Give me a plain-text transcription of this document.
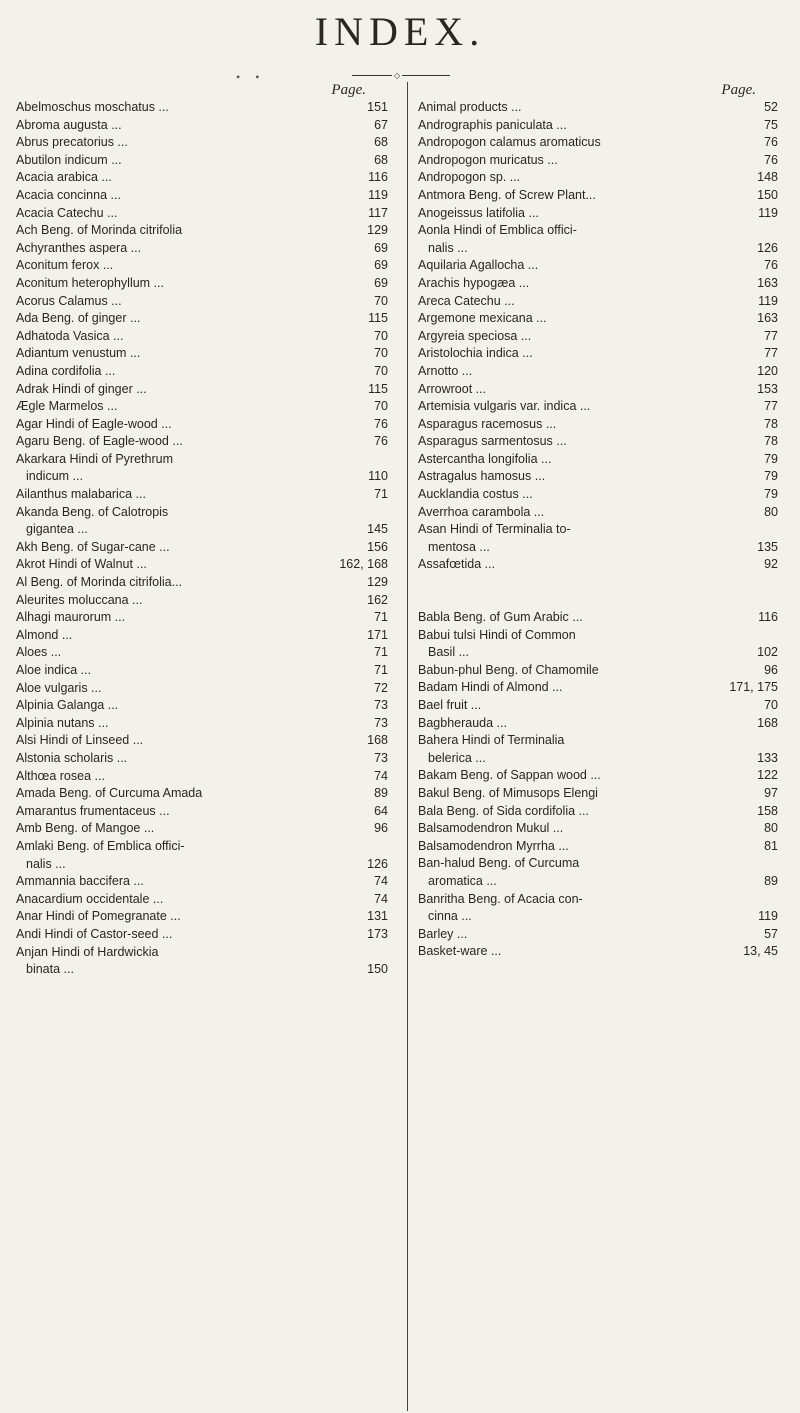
INDEX.
• •	◇
Page.
Abelmoschus moschatus ...	151
Abroma augusta ...	67
Abrus precatorius ...	68
Abutilon indicum ...	68
Acacia arabica ...	116
Acacia concinna ...	119
Acacia Catechu ...	117
Ach Beng. of Morinda citrifolia	129
Achyranthes aspera ...	69
Aconitum ferox ...	69
Aconitum heterophyllum ...	69
Acorus Calamus ...	70
Ada Beng. of ginger ...	115
Adhatoda Vasica ...	70
Adiantum venustum ...	70
Adina cordifolia ...	70
Adrak Hindi of ginger ...	115
Ægle Marmelos ...	70
Agar Hindi of Eagle-wood ...	76
Agaru Beng. of Eagle-wood ...	76
Akarkara Hindi of Pyrethrum
indicum ...	110
Ailanthus malabarica ...	71
Akanda Beng. of Calotropis
gigantea ...	145
Akh Beng. of Sugar-cane ...	156
Akrot Hindi of Walnut ...	162, 168
Al Beng. of Morinda citrifolia...	129
Aleurites moluccana ...	162
Alhagi maurorum ...	71
Almond ...	171
Aloes ...	71
Aloe indica ...	71
Aloe vulgaris ...	72
Alpinia Galanga ...	73
Alpinia nutans ...	73
Alsi Hindi of Linseed ...	168
Alstonia scholaris ...	73
Althœa rosea ...	74
Amada Beng. of Curcuma Amada	89
Amarantus frumentaceus ...	64
Amb Beng. of Mangoe ...	96
Amlaki Beng. of Emblica offici-
nalis ...	126
Ammannia baccifera ...	74
Anacardium occidentale ...	74
Anar Hindi of Pomegranate ...	131
Andi Hindi of Castor-seed ...	173
Anjan Hindi of Hardwickia
binata ...	150
Page.
Animal products ...	52
Andrographis paniculata ...	75
Andropogon calamus aromaticus	76
Andropogon muricatus ...	76
Andropogon sp. ...	148
Antmora Beng. of Screw Plant...	150
Anogeissus latifolia ...	119
Aonla Hindi of Emblica offici-
nalis ...	126
Aquilaria Agallocha ...	76
Arachis hypogæa ...	163
Areca Catechu ...	119
Argemone mexicana ...	163
Argyreia speciosa ...	77
Aristolochia indica ...	77
Arnotto ...	120
Arrowroot ...	153
Artemisia vulgaris var. indica ...	77
Asparagus racemosus ...	78
Asparagus sarmentosus ...	78
Astercantha longifolia ...	79
Astragalus hamosus ...	79
Aucklandia costus ...	79
Averrhoa carambola ...	80
Asan Hindi of Terminalia to-
mentosa ...	135
Assafœtida ...	92
Babla Beng. of Gum Arabic ...	116
Babui tulsi Hindi of Common
Basil ...	102
Babun-phul Beng. of Chamomile	96
Badam Hindi of Almond ...	171, 175
Bael fruit ...	70
Bagbherauda ...	168
Bahera Hindi of Terminalia
belerica ...	133
Bakam Beng. of Sappan wood ...	122
Bakul Beng. of Mimusops Elengi	97
Bala Beng. of Sida cordifolia ...	158
Balsamodendron Mukul ...	80
Balsamodendron Myrrha ...	81
Ban-halud Beng. of Curcuma
aromatica ...	89
Banritha Beng. of Acacia con-
cinna ...	119
Barley ...	57
Basket-ware ...	13, 45
